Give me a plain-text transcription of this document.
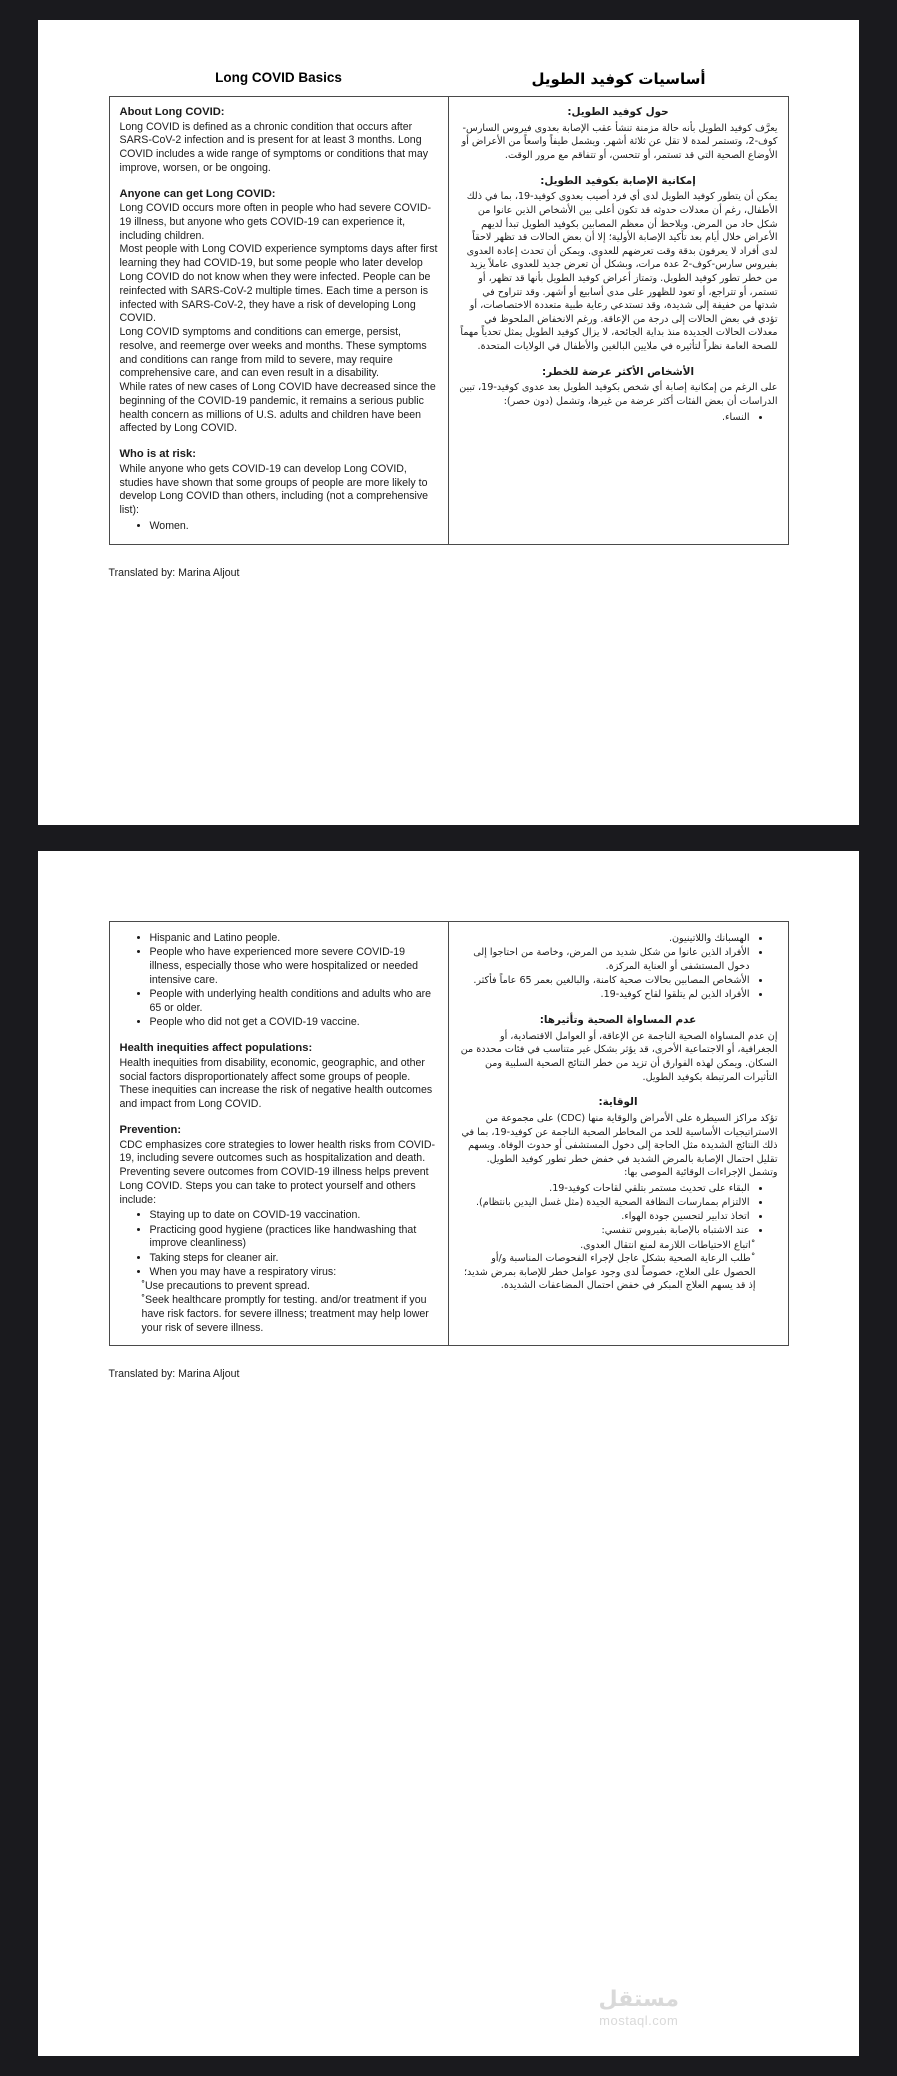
Long COVID Basics	أساسيات كوفيد الطويل
About Long COVID:

Long COVID is defined as a chronic condition that occurs after SARS-CoV-2 infection and is present for at least 3 months. Long COVID includes a wide range of symptoms or conditions that may improve, worsen, or be ongoing.

Anyone can get Long COVID:

Long COVID occurs more often in people who had severe COVID-19 illness, but anyone who gets COVID-19 can experience it, including children.

Most people with Long COVID experience symptoms days after first learning they had COVID-19, but some people who later develop Long COVID do not know when they were infected. People can be reinfected with SARS-CoV-2 multiple times. Each time a person is infected with SARS-CoV-2, they have a risk of developing Long COVID.

Long COVID symptoms and conditions can emerge, persist, resolve, and reemerge over weeks and months. These symptoms and conditions can range from mild to severe, may require comprehensive care, and can even result in a disability.

While rates of new cases of Long COVID have decreased since the beginning of the COVID-19 pandemic, it remains a serious public health concern as millions of U.S. adults and children have been affected by Long COVID.

Who is at risk:

While anyone who gets COVID-19 can develop Long COVID, studies have shown that some groups of people are more likely to develop Long COVID than others, including (not a comprehensive list):

• Women.
حول كوفيد الطويل:

يعرَّف كوفيد الطويل بأنه حالة مزمنة تنشأ عقب الإصابة بعدوى فيروس السارس-كوف-2، وتستمر لمدة لا تقل عن ثلاثة أشهر. ويشمل طيفاً واسعاً من الأعراض أو الأوضاع الصحية التي قد تستمر، أو تتحسن، أو تتفاقم مع مرور الوقت.

إمكانية الإصابة بكوفيد الطويل:

يمكن أن يتطور كوفيد الطويل لدى أي فرد أصيب بعدوى كوفيد-19، بما في ذلك الأطفال، رغم أن معدلات حدوثه قد تكون أعلى بين الأشخاص الذين عانوا من شكل حاد من المرض. ويلاحظ أن معظم المصابين بكوفيد الطويل تبدأ لديهم الأعراض خلال أيام بعد تأكيد الإصابة الأولية؛ إلا أن بعض الحالات قد تظهر لاحقاً لدى أفراد لا يعرفون بدقة وقت تعرضهم للعدوى. ويمكن أن تحدث إعادة العدوى بفيروس سارس-كوف-2 عدة مرات، وبشكل أن تعرض جديد للعدوى عاملاً يزيد من خطر تطور كوفيد الطويل. وتمتاز أعراض كوفيد الطويل بأنها قد تظهر، أو تستمر، أو تتراجع، أو تعود للظهور على مدى أسابيع أو أشهر. وقد تتراوح في شدتها من خفيفة إلى شديدة، وقد تستدعي رعاية طبية متعددة الاختصاصات، أو تؤدي في بعض الحالات إلى درجة من الإعاقة. ورغم الانخفاض الملحوظ في معدلات الحالات الجديدة منذ بداية الجائحة، لا يزال كوفيد الطويل يمثل تحدياً مهماً للصحة العامة نظراً لتأثيره في ملايين البالغين والأطفال في الولايات المتحدة.

الأشخاص الأكثر عرضة للخطر:

على الرغم من إمكانية إصابة أي شخص بكوفيد الطويل بعد عدوى كوفيد-19، تبين الدراسات أن بعض الفئات أكثر عرضة من غيرها، وتشمل (دون حصر):

• النساء.
Translated by: Marina Aljout
• Hispanic and Latino people.
• People who have experienced more severe COVID-19 illness, especially those who were hospitalized or needed intensive care.
• People with underlying health conditions and adults who are 65 or older.
• People who did not get a COVID-19 vaccine.
Health inequities affect populations:

Health inequities from disability, economic, geographic, and other social factors disproportionately affect some groups of people. These inequities can increase the risk of negative health outcomes and impact from Long COVID.

Prevention:

CDC emphasizes core strategies to lower health risks from COVID-19, including severe outcomes such as hospitalization and death. Preventing severe outcomes from COVID-19 illness helps prevent Long COVID. Steps you can take to protect yourself and others include:

• Staying up to date on COVID-19 vaccination.
• Practicing good hygiene (practices like handwashing that improve cleanliness)
• Taking steps for cleaner air.
• When you may have a respiratory virus:

˚Use precautions to prevent spread.

˚Seek healthcare promptly for testing. and/or treatment if you have risk factors. for severe illness; treatment may help lower your risk of severe illness.

• الهسبانك واللاتينيون.
• الأفراد الذين عانوا من شكل شديد من المرض، وخاصة من احتاجوا إلى دخول المستشفى أو العناية المركزة.
• الأشخاص المصابين بحالات صحية كامنة، والبالغين بعمر 65 عاماً فأكثر.
• الأفراد الذين لم يتلقوا لقاح كوفيد-19.
عدم المساواة الصحية وتأثيرها:

إن عدم المساواة الصحية الناجمة عن الإعاقة، أو العوامل الاقتصادية، أو الجغرافية، أو الاجتماعية الأخرى، قد يؤثر بشكل غير متناسب في فئات محددة من السكان. ويمكن لهذه الفوارق أن تزيد من خطر النتائج الصحية السلبية ومن التأثيرات المرتبطة بكوفيد الطويل.

الوقاية:

تؤكد مراكز السيطرة على الأمراض والوقاية منها (CDC) على مجموعة من الاستراتيجيات الأساسية للحد من المخاطر الصحية الناجمة عن كوفيد-19، بما في ذلك النتائج الشديدة مثل الحاجة إلى دخول المستشفى أو حدوث الوفاة. ويسهم تقليل احتمال الإصابة بالمرض الشديد في خفض خطر تطور كوفيد الطويل. وتشمل الإجراءات الوقائية الموصى بها:

• البقاء على تحديث مستمر بتلقي لقاحات كوفيد-19.
• الالتزام بممارسات النظافة الصحية الجيدة (مثل غسل اليدين بانتظام).
• اتخاذ تدابير لتحسين جودة الهواء.
• عند الاشتباه بالإصابة بفيروس تنفسي:

˚اتباع الاحتياطات اللازمة لمنع انتقال العدوى.

˚طلب الرعاية الصحية بشكل عاجل لإجراء الفحوصات المناسبة و/أو الحصول على العلاج، خصوصاً لدى وجود عوامل خطر للإصابة بمرض شديد؛ إذ قد يسهم العلاج المبكر في خفض احتمال المضاعفات الشديدة.

Translated by: Marina Aljout
مستقل
mostaql.com
